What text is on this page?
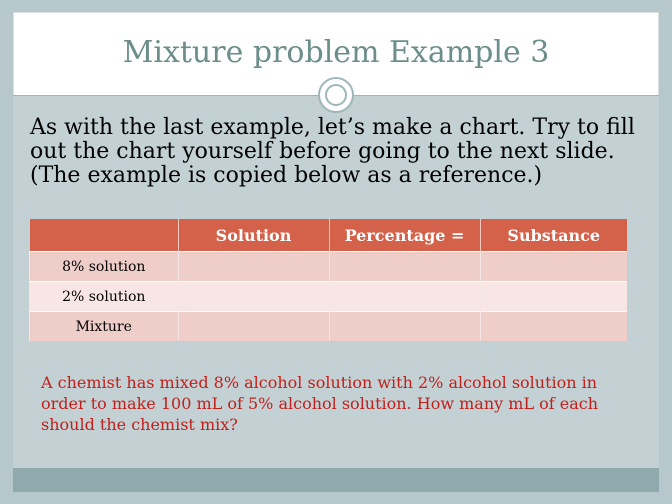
Mixture problem Example 3
As with the last example, let’s make a chart. Try to fill out the chart yourself before going to the next slide. (The example is copied below as a reference.)
	Solution	Percentage =	Substance
8% solution			
2% solution			
Mixture			
A chemist has mixed 8% alcohol solution with 2% alcohol solution in order to make 100 mL of 5% alcohol solution. How many mL of each should the chemist mix?
